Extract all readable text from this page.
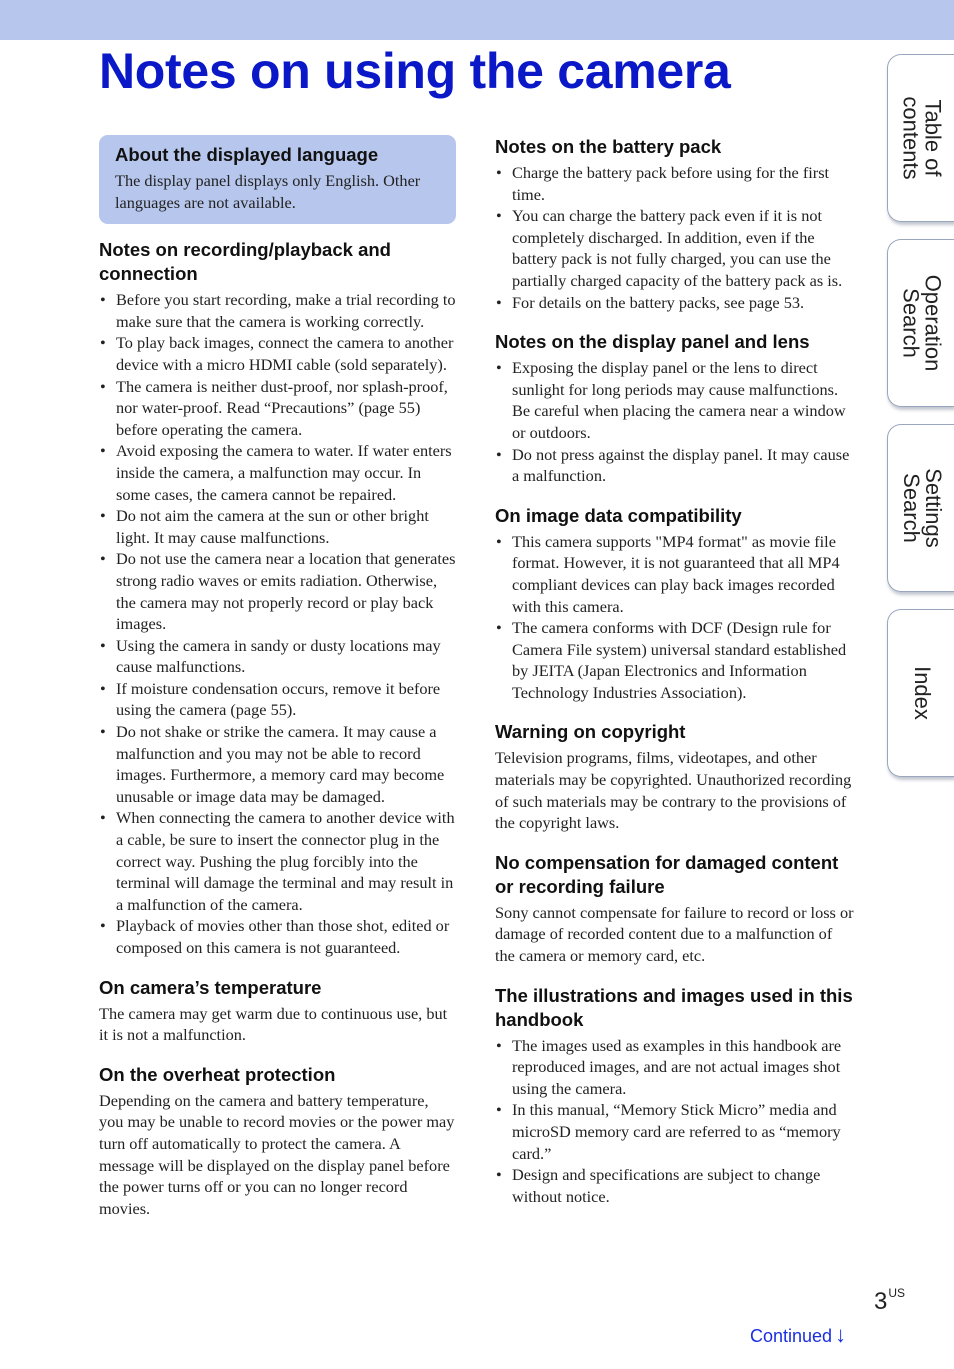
Notes on using the camera
About the displayed language

The display panel displays only English. Other languages are not available.

Notes on recording/playback and connection
• Before you start recording, make a trial recording to make sure that the camera is working correctly.
• To play back images, connect the camera to another device with a micro HDMI cable (sold separately).
• The camera is neither dust-proof, nor splash-proof, nor water-proof. Read “Precautions” (page 55) before operating the camera.
• Avoid exposing the camera to water. If water enters inside the camera, a malfunction may occur. In some cases, the camera cannot be repaired.
• Do not aim the camera at the sun or other bright light. It may cause malfunctions.
• Do not use the camera near a location that generates strong radio waves or emits radiation. Otherwise, the camera may not properly record or play back images.
• Using the camera in sandy or dusty locations may cause malfunctions.
• If moisture condensation occurs, remove it before using the camera (page 55).
• Do not shake or strike the camera. It may cause a malfunction and you may not be able to record images. Furthermore, a memory card may become unusable or image data may be damaged.
• When connecting the camera to another device with a cable, be sure to insert the connector plug in the correct way. Pushing the plug forcibly into the terminal will damage the terminal and may result in a malfunction of the camera.
• Playback of movies other than those shot, edited or composed on this camera is not guaranteed.
On camera’s temperature

The camera may get warm due to continuous use, but it is not a malfunction.

On the overheat protection

Depending on the camera and battery temperature, you may be unable to record movies or the power may turn off automatically to protect the camera. A message will be displayed on the display panel before the power turns off or you can no longer record movies.

Notes on the battery pack
• Charge the battery pack before using for the first time.
• You can charge the battery pack even if it is not completely discharged. In addition, even if the battery pack is not fully charged, you can use the partially charged capacity of the battery pack as is.
• For details on the battery packs, see page 53.
Notes on the display panel and lens
• Exposing the display panel or the lens to direct sunlight for long periods may cause malfunctions. Be careful when placing the camera near a window or outdoors.
• Do not press against the display panel. It may cause a malfunction.
On image data compatibility
• This camera supports "MP4 format" as movie file format. However, it is not guaranteed that all MP4 compliant devices can play back images recorded with this camera.
• The camera conforms with DCF (Design rule for Camera File system) universal standard established by JEITA (Japan Electronics and Information Technology Industries Association).
Warning on copyright

Television programs, films, videotapes, and other materials may be copyrighted. Unauthorized recording of such materials may be contrary to the provisions of the copyright laws.

No compensation for damaged content or recording failure

Sony cannot compensate for failure to record or loss or damage of recorded content due to a malfunction of the camera or memory card, etc.

The illustrations and images used in this handbook
• The images used as examples in this handbook are reproduced images, and are not actual images shot using the camera.
• In this manual, “Memory Stick Micro” media and microSD memory card are referred to as “memory card.”
• Design and specifications are subject to change without notice.
Table of
contents
Operation
Search
Settings
Search
Index
$3^{US}$
Continued ↓
